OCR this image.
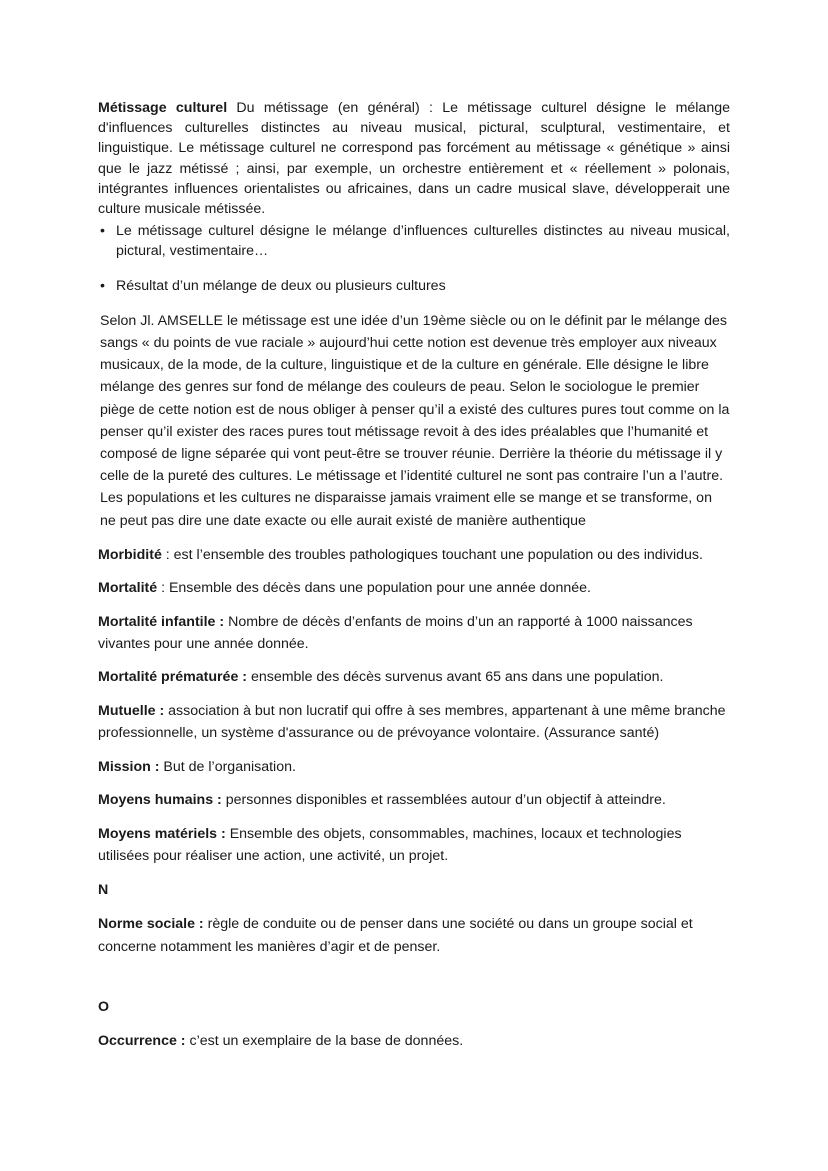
Métissage culturel Du métissage (en général) : Le métissage culturel désigne le mélange d'influences culturelles distinctes au niveau musical, pictural, sculptural, vestimentaire, et linguistique. Le métissage culturel ne correspond pas forcément au métissage « génétique » ainsi que le jazz métissé ; ainsi, par exemple, un orchestre entièrement et « réellement » polonais, intégrantes influences orientalistes ou africaines, dans un cadre musical slave, développerait une culture musicale métissée.

• Le métissage culturel désigne le mélange d’influences culturelles distinctes au niveau musical, pictural, vestimentaire…
• Résultat d’un mélange de deux ou plusieurs cultures

Selon Jl. AMSELLE le métissage est une idée d’un 19ème siècle ou on le définit par le mélange des sangs « du points de vue raciale » aujourd’hui cette notion est devenue très employer aux niveaux musicaux, de la mode, de la culture, linguistique et de la culture en générale. Elle désigne le libre mélange des genres sur fond de mélange des couleurs de peau. Selon le sociologue le premier piège de cette notion est de nous obliger à penser qu’il a existé des cultures pures tout comme on la penser qu’il exister des races pures tout métissage revoit à des ides préalables que l’humanité et composé de ligne séparée qui vont peut-être se trouver réunie. Derrière la théorie du métissage il y celle de la pureté des cultures. Le métissage et l’identité culturel ne sont pas contraire l’un a l’autre. Les populations et les cultures ne disparaisse jamais vraiment elle se mange et se transforme, on ne peut pas dire une date exacte ou elle aurait existé de manière authentique

Morbidité : est l’ensemble des troubles pathologiques touchant une population ou des individus.

Mortalité : Ensemble des décès dans une population pour une année donnée.

Mortalité infantile : Nombre de décès d’enfants de moins d’un an rapporté à 1000 naissances vivantes pour une année donnée.

Mortalité prématurée : ensemble des décès survenus avant 65 ans dans une population.

Mutuelle : association à but non lucratif qui offre à ses membres, appartenant à une même branche professionnelle, un système d'assurance ou de prévoyance volontaire. (Assurance santé)

Mission : But de l’organisation.

Moyens humains : personnes disponibles et rassemblées autour d’un objectif à atteindre.

Moyens matériels : Ensemble des objets, consommables, machines, locaux et technologies utilisées pour réaliser une action, une activité, un projet.

N

Norme sociale : règle de conduite ou de penser dans une société ou dans un groupe social et concerne notamment les manières d’agir et de penser.

O

Occurrence : c’est un exemplaire de la base de données.
